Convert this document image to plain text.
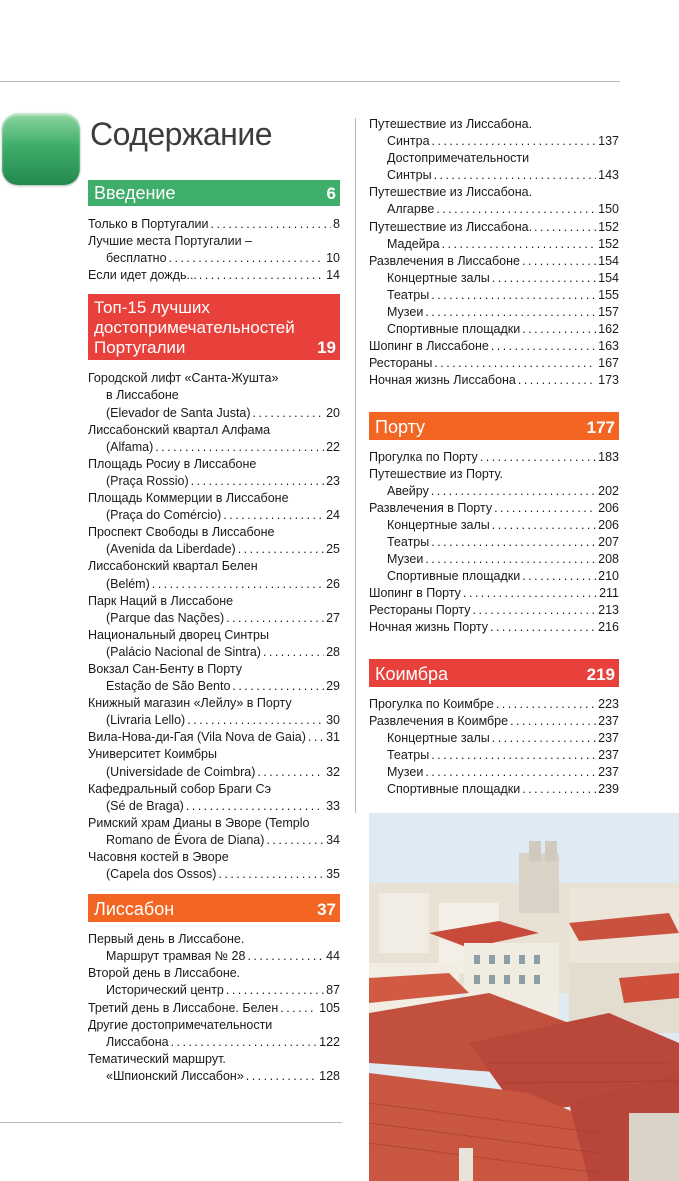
Содержание
Введение	6
Только в Португалии . . .	8
Лучшие места Португалии –
бесплатно . . .	10
Если идет дождь... . . .	14
Топ-15 лучших
достопримечательностей
Португалии	19
Городской лифт «Санта-Жушта»
в Лиссабоне
(Elevador de Santa Justa) . . .	20
Лиссабонский квартал Алфама
(Alfama) . . .	22
Площадь Росиу в Лиссабоне
(Praça Rossio) . . .	23
Площадь Коммерции в Лиссабоне
(Praça do Comércio) . . .	24
Проспект Свободы в Лиссабоне
(Avenida da Liberdade) . . .	25
Лиссабонский квартал Белен
(Belém) . . .	26
Парк Наций в Лиссабоне
(Parque das Nações) . . .	27
Национальный дворец Синтры
(Palácio Nacional de Sintra) . . .	28
Вокзал Сан-Бенту в Порту
Estação de São Bento . . .	29
Книжный магазин «Лейлу» в Порту
(Livraria Lello) . . .	30
Вила-Нова-ди-Гая (Vila Nova de Gaia) . . . 31
Университет Коимбры
(Universidade de Coimbra) . . .	32
Кафедральный собор Браги Сэ
(Sé de Braga) . . .	33
Римский храм Дианы в Эворе (Templo
Romano de Évora de Diana) . . .	34
Часовня костей в Эворе
(Capela dos Ossos) . . .	35
Лиссабон	37
Первый день в Лиссабоне.
Маршрут трамвая № 28 . . .	44
Второй день в Лиссабоне.
Исторический центр . . .	87
Третий день в Лиссабоне. Белен . . .	105
Другие достопримечательности
Лиссабона . . .	122
Тематический маршрут.
«Шпионский Лиссабон» . . .	128
Путешествие из Лиссабона.
Синтра . . .	137
Достопримечательности
Синтры . . .	143
Путешествие из Лиссабона.
Алгарве . . .	150
Путешествие из Лиссабона. . . .	152
Мадейра . . .	152
Развлечения в Лиссабоне . . .	154
Концертные залы . . .	154
Театры . . .	155
Музеи . . .	157
Спортивные площадки . . .	162
Шопинг в Лиссабоне . . .	163
Рестораны . . .	167
Ночная жизнь Лиссабона . . .	173
Порту	177
Прогулка по Порту . . .	183
Путешествие из Порту.
Авейру . . .	202
Развлечения в Порту . . .	206
Концертные залы . . .	206
Театры . . .	207
Музеи . . .	208
Спортивные площадки . . .	210
Шопинг в Порту . . .	211
Рестораны Порту . . .	213
Ночная жизнь Порту . . .	216
Коимбра	219
Прогулка по Коимбре . . .	223
Развлечения в Коимбре . . .	237
Концертные залы . . .	237
Театры . . .	237
Музеи . . .	237
Спортивные площадки . . .	239
